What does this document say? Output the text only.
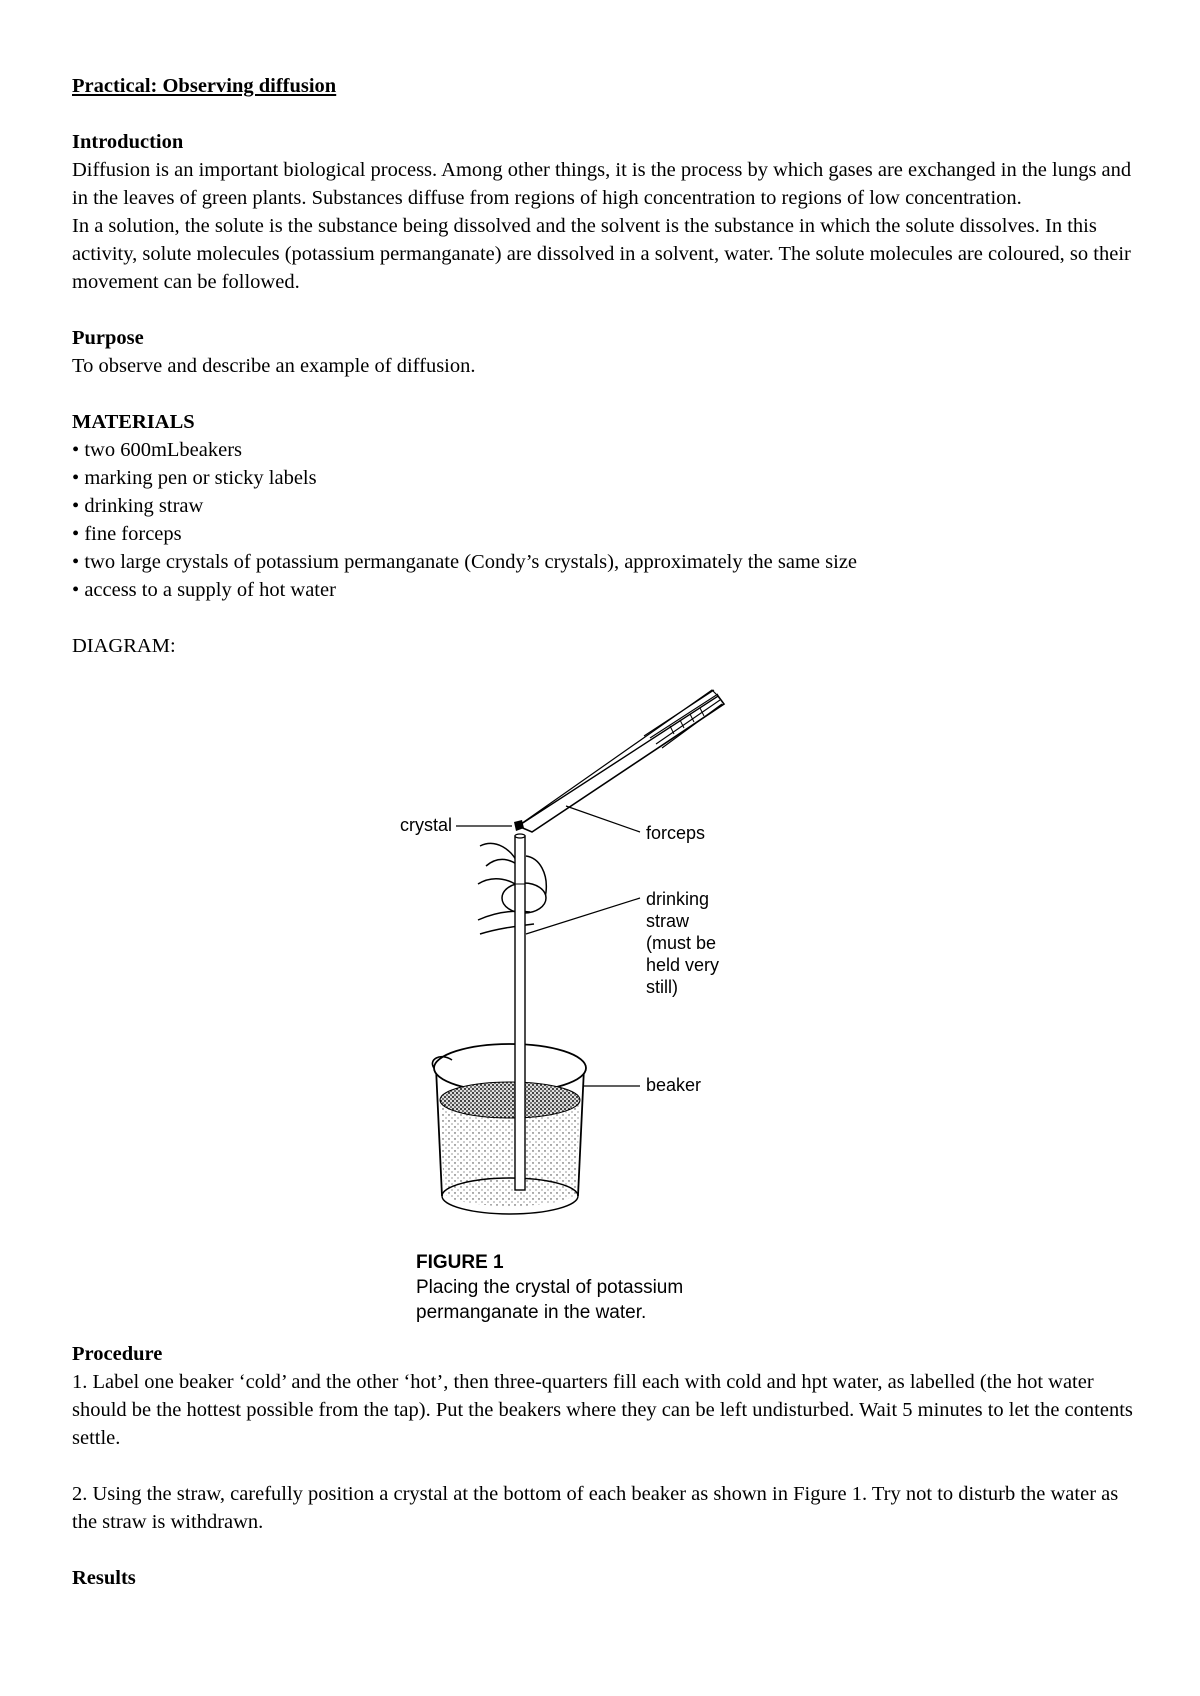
Practical: Observing diffusion

Introduction

Diffusion is an important biological process. Among other things, it is the process by which gases are exchanged in the lungs and in the leaves of green plants. Substances diffuse from regions of high concentration to regions of low concentration.

In a solution, the solute is the substance being dissolved and the solvent is the substance in which the solute dissolves. In this activity, solute molecules (potassium permanganate) are dissolved in a solvent, water. The solute molecules are coloured, so their movement can be followed.

Purpose

To observe and describe an example of diffusion.

MATERIALS

• two 600mLbeakers
• marking pen or sticky labels
• drinking straw
• fine forceps
• two large crystals of potassium permanganate (Condy’s crystals), approximately the same size
• access to a supply of hot water

DIAGRAM:

crystal	forceps
drinking
straw
(must be
held very
still)
beaker
FIGURE 1
Placing the crystal of potassium
permanganate in the water.

Procedure

1. Label one beaker ‘cold’ and the other ‘hot’, then three-quarters fill each with cold and hpt water, as labelled (the hot water should be the hottest possible from the tap). Put the beakers where they can be left undisturbed. Wait 5 minutes to let the contents settle.

2. Using the straw, carefully position a crystal at the bottom of each beaker as shown in Figure 1. Try not to disturb the water as the straw is withdrawn.

Results
